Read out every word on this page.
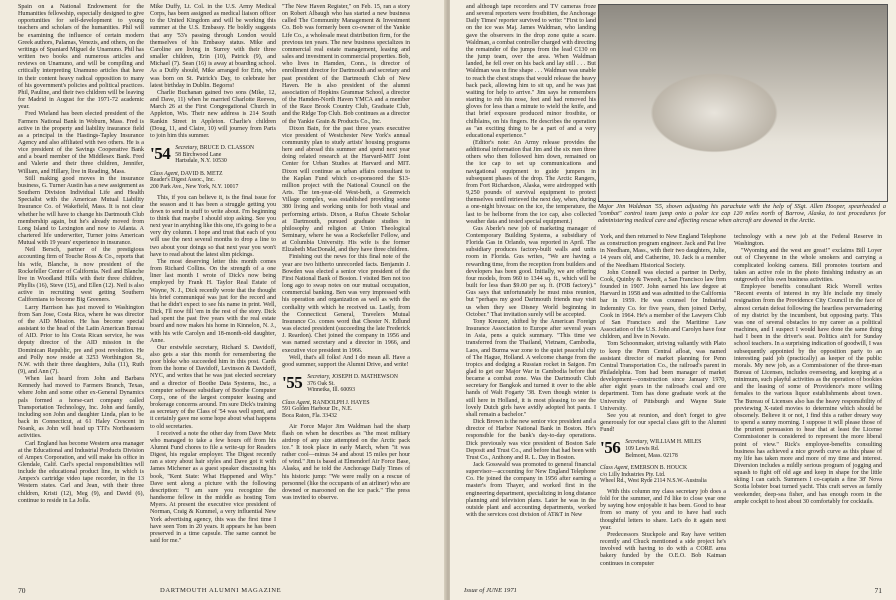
Spain on a National Endowment for the Humanities fellowship, especially designed to give opportunities for self-development to young teachers and scholars of the humanities. Phil will be examining the influence of certain modern Greek authors, Palamas, Venezis, and others, on the writings of Spaniard Miguel de Unamuno. Phil has written two books and numerous articles and reviews on Unamuno, and will be compiling and critically interpreting Unamuno articles that have in their content heavy radical opposition to many of his government's policies and political practices. Phil, Pauline, and their two children will be leaving for Madrid in August for the 1971-72 academic year.

Fred Wieland has been elected president of the Farmers National Bank in Woburn, Mass. Fred is active in the property and liability insurance field as a principal in the Hastings-Tapley Insurance Agency and also affiliated with two others. He is a vice president of the Savings Cooperative Bank and a board member of the Middlesex Bank. Fred and Valerie and their three children, Jennifer, William, and Hillary, live in Reading, Mass.

Still making good moves in the insurance business, G. Turner Austin has a new assignment as Southern Division Individual Life and Health Specialist with the American Mutual Liability Insurance Co. of Wakefield, Mass. It is not clear whether he will have to change his Dartmouth Club membership again, but he's already moved from Long Island to Lexington and now to Atlanta. A chartered life underwriter, Turner joins American Mutual with 19 years' experience in insurance.

Neil Bersch, partner of the prestigious accounting firm of Touche Ross & Co., reports that his wife, Blanche, is now president of the Rockefeller Center of California. Neil and Blanche live in Woodland Hills with their three children, Phyllis (16), Steve (15), and Ellen (12). Neil is also active in recruiting west getting Southern Californians to become Big Greeners.

Larry Harrison has just moved to Washington from San Jose, Costa Rica, where he was director of the AID Mission. He has become special assistant to the head of the Latin American Bureau of AID. Prior to his Costa Rican service, he was deputy director of the AID mission in the Dominican Republic, pre and post revolution. He and Polly now reside at 3253 Worthington St., N.W. with their three daughters, Julia (11), Ruth (9), and Ann (7).

When last heard from John and Barbara Kennedy had moved to Farmers Branch, Texas, where John and some other ex-General Dynamics pals formed a horse-cart company called Transportation Technology, Inc. John and family, including son John and daughter Linda, plan to be back in Connecticut, at 61 Haley Crescent in Noank, as John will head up TTI's Northeastern activities.

Carl England has become Western area manager at the Educational and Industrial Products Division of Ampex Corporation, and will make his office in Glendale, Calif. Carl's special responsibilities will include the educational product line, in which is Ampex's cartridge video tape recorder, in the 13 Western states. Carl and Jean, with their three children, Kristi (12), Meg (9), and David (6), continue to reside in La Jolla.

Mike Duffy, Lt. Col. in the U.S. Army Medical Corps, has been assigned as medical liaison officer to the United Kingdom and will be working this summer at the U.S. Embassy. He boldly suggests that any '53's passing through London would themselves of his Embassy status. Mike and Caroline are living in Surrey with their three smaller children, Erin (10), Patrick (9), and Michael (7). Sean (16) is away at boarding school. As a Duffy should, Mike arranged for Erin, who was born on St. Patrick's Day, to celebrate her latest birthday in Dublin. Begorra!

Charlie Buchanan gained two sons (Mike, 12, and Dave, 11) when he married Charlotte Reeves, March 26 at the First Congregational Church in Appleton, Wis. Their new address is 214 South Rankin Street in Appleton. Charlie's children (Doug, 11, and Claire, 10) will journey from Paris to join him this summer.

'54 Secretary, BRUCE D. CLASSON
58 Birchwood Lane
Hartsdale, N.Y. 10530
Class Agent, DAVID B. METZ
Reader's Digest Assoc., Inc.
200 Park Ave., New York, N.Y. 10017

This, if you can believe it, is the final issue for the season and it has been a struggle getting you down to send in stuff to write about. I'm beginning to think that maybe I should stop asking. See you next year in anything like this one, it's going to be a very dry column. I hope and trust that each of you will use the next several months to drop a line to two about your doings so that next year you won't have to read about the latest slim pickings.

The most deserving letter this month comes from Richard Collins. On the strength of a one liner last month I wrote of Dick's now being employed by Frank H. Taylor Real Estate of Wayne, N. J., Dick recently wrote that the thought his brief communiqué was just for the record and that he didn't expect to see his name in print. Well, Dick, I'll now fill 'em in the rest of the story. Dick had spent the past five years with the real estate board and now makes his home in Kinnelon, N. J., with his wife Carolyn and 18-month-old daughter, Anne.

Our erstwhile secretary, Richard S. Davidoff, also gets a star this month for remembering the poor bloke who succeeded him in this post. Cards from the home of Davidoff, Levinson & Davidoff, NYC, and writes that he was just elected secretary and a director of Boothe Data Systems, Inc., a computer software subsidiary of Boothe Computer Corp., one of the largest computer leasing and brokerage concerns around. I'm sure Dick's training as secretary of the Class of '54 was well spent, and it certainly gave me some hope about what happens to old secretaries.

I received a note the other day from Dave Metz who managed to take a few hours off from his Alumni Fund chores to file a write-up for Readers Digest, his regular employer. The Digest recently ran a story about hair styles and Dave got it with James Michener as a guest speaker discussing his book, "Kent State: What Happened and Why." Dave sent along a picture with the following description: "I am sure you recognize the handsome fellow in the middle as hosting Tom Myers. At present the executive vice president of Norman, Craig & Kummel, a very influential New York advertising agency, this was the first time I have seen Tom in 20 years. It appears he has been preserved in a time capsule. The same cannot be said for me."

"The New Haven Register," on Feb. 15, ran a story on Robert Albaugh who has started a new business called The Community Management & Investment Co. Bob was formerly been co-owner of the Yankie Life Co., a wholesale meat distribution firm, for the previous ten years. The new business specializes in commercial real estate management, leasing and sales and investment in commercial properties. Bob, who lives in Hamden, Conn., is director of enrollment director for Dartmouth and secretary and past president of the Dartmouth Club of New Haven. He is also president of the alumni association of Hopkins Grammar School, a director of the Hamden-North Haven YMCA and a member of the Race Brook Country Club, Graduate Club, and the Ridge Top Club. Bob continues as a director of the Yankie Grain & Products Co., Inc.

Dixon Bain, for the past three years executive vice president of Westchester New York's annual community plan to study artists' housing programs here and abroad this summer and spend next year doing related research at the Harvard-MIT Joint Center for Urban Studies at Harvard and MIT. Dixon will continue as urban affairs consultant to the Kaplan Fund which co-sponsored the $13-million project with the National Council on the Arts. The ten-year-old West-beth, a Greenwich Village complex, was established providing some 380 living and working units for both visual and performing artists. Dixon, a Rufus Choate Scholar at Dartmouth, pursued graduate studies in philosophy and religion at Union Theological Seminary, where he was a Rockefeller Fellow, and at Columbia University. His wife is the former Elizabeth MacDonald, and they have three children.

Finishing out the news for this final note of the year are two hitherto unrecorded facts. Benjamin J. Bowden was elected a senior vice president of the First National Bank of Boston. I visited Ben not too long ago to swap notes on our mutual occupation, commercial banking. Ben was very impressed with his operation and organization as well as with the cordiality with which he received us. Lastly, from the Connecticut General, Travelers Mutual Insurance Co. comes word that Chester N. Edlund was elected president (succeeding the late Frederick J. Reardon). Chet joined the company in 1956 and was named secretary and a director in 1966, and executive vice president in 1966.

Well, that's all folks! And I do mean all. Have a good summer, support the Alumni Drive, and write!

'55 Secretary, JOSEPH D. MATHEWSON
376 Oak St.
Winnetka, Ill. 60093
Class Agent, RANDOLPH J. HAYES
591 Golden Harbour Dr., N.E.
Boca Raton, Fla. 33432

Air Force Major Jim Waldman had the sharp flash on when he describes as "the most military airdrop of any size attempted on the Arctic pack ice." It took place in early March, when "it was rather cool—minus 34 and about 15 miles per hour of wind." Jim is based at Elmendorf Air Force Base, Alaska, and he told the Anchorage Daily Times of his historic jump: "We were really on a rescue of personnel (like the occupants of an airliner) who are downed or marooned on the ice pack." The press was invited to observe.

70	DARTMOUTH ALUMNI MAGAZINE

and although tape recorders and TV cameras froze and several reporters were frostbitten, the Anchorage Daily Times' reporter survived to write: "First to land on the ice was Maj. James Waldman, who landing gave the observers in the drop zone quite a scare. Waldman, a combat controller charged with directing the remainder of the jumps from the lead C130 on the jump team, over the area. When Waldman landed, he fell over on his back and lay still . . . But Waldman was in fine shape . . . Waldman was unable to reach the chest straps that would release the heavy back pack, allowing him to sit up, and he was just waiting for help to arrive." Jim says he remembers starting to rub his nose, feet and had removed his gloves for less than a minute to wield the knife, and that brief exposure produced minor frostbite, or chilblains, on his fingers. He describes the operation as "an exciting thing to be a part of and a very educational experience."

(Editor's note: An Army release provides the additional information that Jim and the six men three others who then followed him down, remained on the ice cap to set up communications and navigational equipment to guide jumpers in subsequent phases of the drop. The Arctic Rangers, from Fort Richardson, Alaska, were airdropped with 9,250 pounds of survival equipment to protect themselves until retrieved the next day, when, during a one-night bivouac on the ice, the temperature, the last to be helborne from the ice cap, also collected weather data and tested special equipment.)

Gus Aberle's new job of marketing manager of Contemporary Building Systems, a subsidiary of Florida Gas in Orlando, was reported in April. The subsidiary produces factory-built walls and units room in Florida. Gus writes, "We are having a rewarding time, from the reception from builders and developers has been good. Initially, we are offering four models, from 960 to 1344 sq. ft., which will be built for less than $9.00 per sq. ft. (FOB factory)." Gus says that unfortunately he must miss reunion, but "perhaps my good Dartmouth friends may visit us when they see Disney World beginning in October." That invitation surely will be accepted.

Tony Kreuzer, shifted by the American Foreign Insurance Association to Europe after several years in Asia, pens a quick summary. "This time we transferred from the Thailand, Vietnam, Cambodia, Laos, and Burma war zone to the quiet peaceful city of The Hague, Holland. A welcome change from the tropics and dodging a Russian rocket in Saigon. I'm glad to get our Major War in Cambodia before that became a combat zone. Was the Dartmouth Club secretary for Bangkok and turned it over to the able hands of Walt Fogarty '38. Even though winter is still here in Holland, it is most pleasing to see the lovely Dutch girls have avidly adopted hot pants. I shall remain a bachelor."

Dick Brown is the new senior vice president and a director of Harbor National Bank in Boston. He's responsible for the bank's day-to-day operations. Dick previously was vice president of Boston Safe Deposit and Trust Co., and before that had been with Trust Co., Anthony and R. L. Day in Boston.

Jack Gosswald was promoted to general financial supervisor—accounting for New England Telephone Co. He joined the company in 1956 after earning a master's from Thayer, and worked first in the engineering department, specializing in long distance planning and television plans. Later he was in the outside plant and accounting departments, worked with the services cost division of AT&T in New

Major Jim Waldman '55, shown adjusting his parachute with the help of SSgt. Allen Hooper, spearheaded a "combat" control team jump onto a polar ice cap 120 miles north of Barrow, Alaska, to test procedures for administering medical care and effecting rescue when aircraft are downed in the Arctic.

York, and then returned to New England Telephone as construction program engineer. Jack and Pat live in Needham, Mass., with their two daughters, Julie, 14 years old, and Catherine, 10. Jack is a member of the Needham Historical Society.

John Connell was elected a partner in Derby, Cook, Quinby & Tweedt, a San Francisco law firm founded in 1907. John earned his law degree at Harvard in 1958 and was admitted to the California bar in 1959. He was counsel for Industrial Indemnity Co. for five years, then joined Derby, Cook in 1964. He's a member of the Lawyers Club of San Francisco and the Maritime Law Association of the U.S. John and Carolyn have four children, and live in Novato.

Tom Schoonmaker, striving valiantly with Plato to keep the Penn Central afloat, was named assistant director of market planning for Penn Central Transportation Co., the railroad's parent in Philadelphia. Tom had been manager of market development—construction since January 1970, after eight years in the railroad's coal and ore department. Tom has done graduate work at the University of Pittsburgh and Wayne State University.

See you at reunion, and don't forget to give generously for our special class gift to the Alumni Fund!

'56 Secretary, WILLIAM H. MILES
109 Lewis Rd.
Belmont, Mass. 02178
Class Agent, EMERSON B. HOUCK
c/o Lilly Industries Pty. Ltd.
Wheel Rd., West Ryde 2114 N.S.W.-Australia

With this column my class secretary job does a fold for the summer, and I'd like to close year one by saying how enjoyable it has been. Good to hear from so many of you and to have had such thoughtful letters to share. Let's do it again next year.

Predecessors Stuckpole and Ray have written recently and Chuck mentioned a side project he's involved with having to do with a CORE area bakery funded by the O.E.O. Bob Kaiman continues in computer

technology with a new job at the Federal Reserve in Washington.

"Wyoming and the west are great!" exclaims Bill Loyer out of Cheyenne in the whole smokers and carrying a complicated looking camera. Bill promotes tourism and takes an active role in the photo finishing industry as an outgrowth of his own business activities.

Employee benefits consultant Rick Worrell writes "Recent events of interest in my life include my timely resignation from the Providence City Council in the face of almost certain defeat following the heartless pervarnadering of my district by the incumbent, but opposing party. This was one of several obstacles to my career as a political machines, and I suspect I would have done the same thing had I been in the driver's seat. Politics ain't for Sunday school teachers. In a surprising indication of goodwill, I was subsequently appointed by the opposition party to an interesting paid job (practically) as keeper of the public morals. My new job, as a Commissioner of the three-man Bureau of Licenses, includes overseeing, and keeping at a minimum, such playful activities as the operation of bookies and the leasing of some of Providence's more willing females to the various liquor establishments about town. The Bureau of Licenses also has the heavy responsibility of previewing X-rated movies to determine which should be obscenely. Believe it or not, I find this a rather dreary way to spend a sunny morning. I suppose it will please those of the prurient persuasion to hear that at least the License Commissioner is considered to represent the more liberal point of view." Rick's employee-benefits consulting business has achieved a nice growth curve as this phase of my life has taken more and more of my time and interest. Diversion includes a mildly serious program of jogging and squash to fight off old age and keep in shape for the little skiing I can catch. Summers I co-captain a fine 38' Nova Scotia lobster boat turned yacht. This craft serves as family weekender, deep-sea fisher, and has enough room in the ample cockpit to host about 30 comfortably for cocktails.

Issue of JUNE 1971	71
